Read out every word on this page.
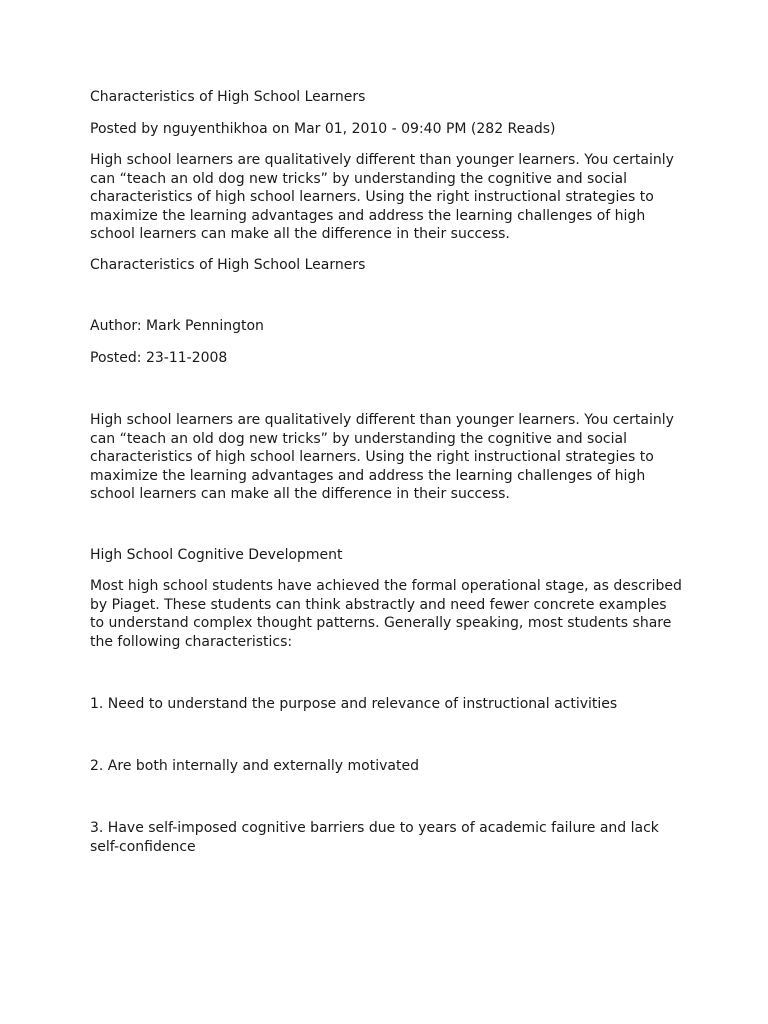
Characteristics of High School Learners

Posted by nguyenthikhoa on Mar 01, 2010 - 09:40 PM (282 Reads)

High school learners are qualitatively different than younger learners. You certainly
can “teach an old dog new tricks” by understanding the cognitive and social
characteristics of high school learners. Using the right instructional strategies to
maximize the learning advantages and address the learning challenges of high
school learners can make all the difference in their success.

Characteristics of High School Learners

Author: Mark Pennington

Posted: 23-11-2008

High school learners are qualitatively different than younger learners. You certainly
can “teach an old dog new tricks” by understanding the cognitive and social
characteristics of high school learners. Using the right instructional strategies to
maximize the learning advantages and address the learning challenges of high
school learners can make all the difference in their success.

High School Cognitive Development

Most high school students have achieved the formal operational stage, as described
by Piaget. These students can think abstractly and need fewer concrete examples
to understand complex thought patterns. Generally speaking, most students share
the following characteristics:

1. Need to understand the purpose and relevance of instructional activities

2. Are both internally and externally motivated

3. Have self-imposed cognitive barriers due to years of academic failure and lack
self-confidence
